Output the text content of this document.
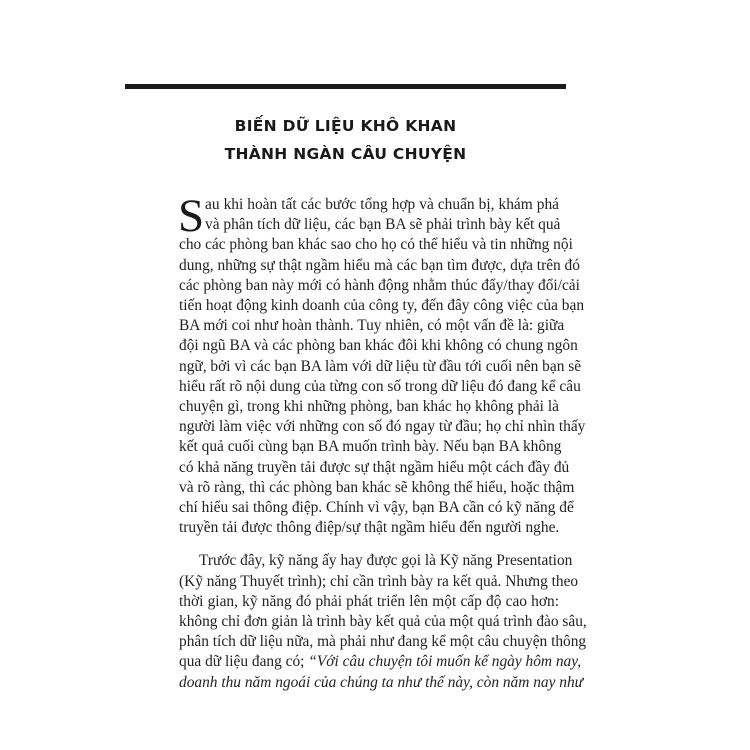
BIẾN DỮ LIỆU KHÔ KHAN
THÀNH NGÀN CÂU CHUYỆN
S au khi hoàn tất các bước tổng hợp và chuẩn bị, khám phá
và phân tích dữ liệu, các bạn BA sẽ phải trình bày kết quả
cho các phòng ban khác sao cho họ có thể hiểu và tin những nội
dung, những sự thật ngầm hiểu mà các bạn tìm được, dựa trên đó
các phòng ban này mới có hành động nhằm thúc đẩy/thay đổi/cải
tiến hoạt động kinh doanh của công ty, đến đây công việc của bạn
BA mới coi như hoàn thành. Tuy nhiên, có một vấn đề là: giữa
đội ngũ BA và các phòng ban khác đôi khi không có chung ngôn
ngữ, bởi vì các bạn BA làm với dữ liệu từ đầu tới cuối nên bạn sẽ
hiểu rất rõ nội dung của từng con số trong dữ liệu đó đang kể câu
chuyện gì, trong khi những phòng, ban khác họ không phải là
người làm việc với những con số đó ngay từ đầu; họ chỉ nhìn thấy
kết quả cuối cùng bạn BA muốn trình bày. Nếu bạn BA không
có khả năng truyền tải được sự thật ngầm hiểu một cách đầy đủ
và rõ ràng, thì các phòng ban khác sẽ không thể hiểu, hoặc thậm
chí hiểu sai thông điệp. Chính vì vậy, bạn BA cần có kỹ năng để
truyền tải được thông điệp/sự thật ngầm hiểu đến người nghe.
Trước đây, kỹ năng ấy hay được gọi là Kỹ năng Presentation
(Kỹ năng Thuyết trình); chỉ cần trình bày ra kết quả. Nhưng theo
thời gian, kỹ năng đó phải phát triển lên một cấp độ cao hơn:
không chỉ đơn giản là trình bày kết quả của một quá trình đào sâu,
phân tích dữ liệu nữa, mà phải như đang kể một câu chuyện thông
qua dữ liệu đang có; “Với câu chuyện tôi muốn kể ngày hôm nay,
doanh thu năm ngoái của chúng ta như thế này, còn năm nay như
